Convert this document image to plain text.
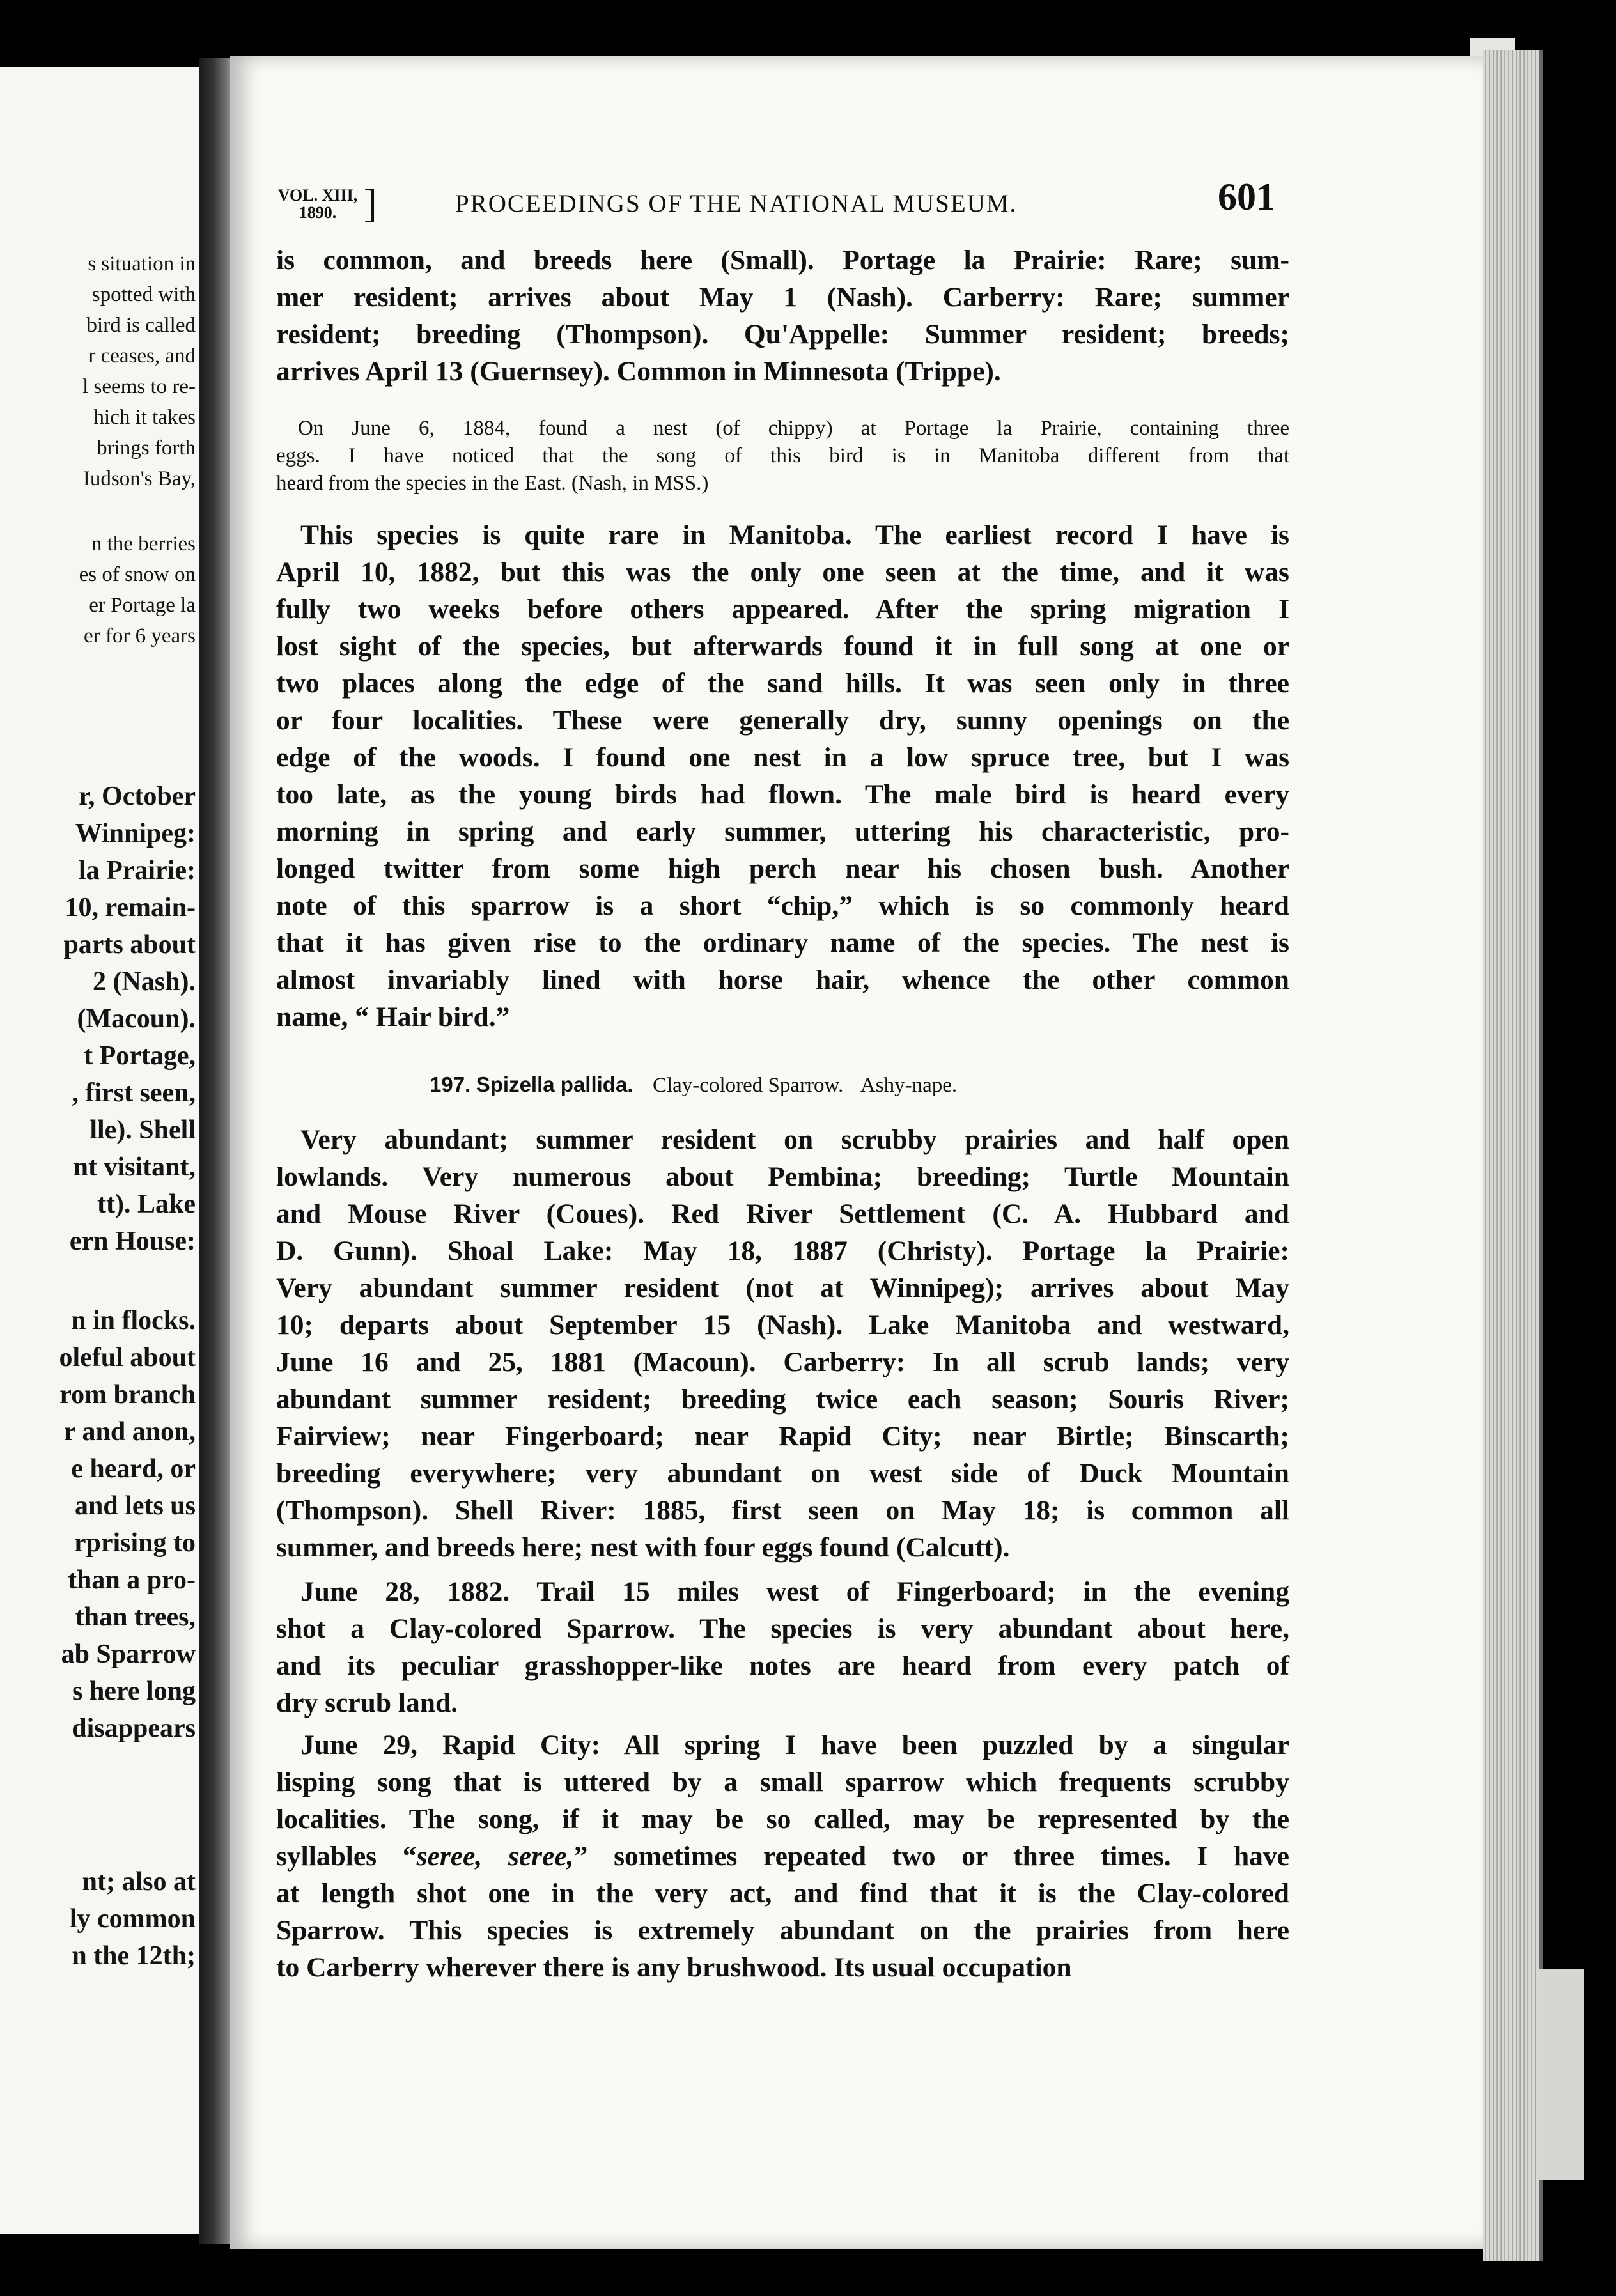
s situation in
spotted with
bird is called
r ceases, and
l seems to re-
hich it takes
brings forth
Iudson's Bay,
n the berries
es of snow on
er Portage la
er for 6 years
r, October
Winnipeg:
la Prairie:
10, remain-
parts about
2 (Nash).
(Macoun).
t Portage,
, first seen,
lle). Shell
nt visitant,
tt). Lake
ern House:
n in flocks.
oleful about
rom branch
r and anon,
e heard, or
and lets us
rprising to
than a pro-
than trees,
ab Sparrow
s here long
disappears
nt; also at
ly common
n the 12th;
VOL. XIII,
1890. ]	PROCEEDINGS OF THE NATIONAL MUSEUM.	601
is common, and breeds here (Small). Portage la Prairie: Rare; sum-
mer resident; arrives about May 1 (Nash). Carberry: Rare; summer
resident; breeding (Thompson). Qu'Appelle: Summer resident; breeds;
arrives April 13 (Guernsey). Common in Minnesota (Trippe).
On June 6, 1884, found a nest (of chippy) at Portage la Prairie, containing three
eggs. I have noticed that the song of this bird is in Manitoba different from that
heard from the species in the East. (Nash, in MSS.)
This species is quite rare in Manitoba. The earliest record I have is
April 10, 1882, but this was the only one seen at the time, and it was
fully two weeks before others appeared. After the spring migration I
lost sight of the species, but afterwards found it in full song at one or
two places along the edge of the sand hills. It was seen only in three
or four localities. These were generally dry, sunny openings on the
edge of the woods. I found one nest in a low spruce tree, but I was
too late, as the young birds had flown. The male bird is heard every
morning in spring and early summer, uttering his characteristic, pro-
longed twitter from some high perch near his chosen bush. Another
note of this sparrow is a short “chip,” which is so commonly heard
that it has given rise to the ordinary name of the species. The nest is
almost invariably lined with horse hair, whence the other common
name, “ Hair bird.”
197. Spizella pallida. Clay-colored Sparrow. Ashy-nape.
Very abundant; summer resident on scrubby prairies and half open
lowlands. Very numerous about Pembina; breeding; Turtle Mountain
and Mouse River (Coues). Red River Settlement (C. A. Hubbard and
D. Gunn). Shoal Lake: May 18, 1887 (Christy). Portage la Prairie:
Very abundant summer resident (not at Winnipeg); arrives about May
10; departs about September 15 (Nash). Lake Manitoba and westward,
June 16 and 25, 1881 (Macoun). Carberry: In all scrub lands; very
abundant summer resident; breeding twice each season; Souris River;
Fairview; near Fingerboard; near Rapid City; near Birtle; Binscarth;
breeding everywhere; very abundant on west side of Duck Mountain
(Thompson). Shell River: 1885, first seen on May 18; is common all
summer, and breeds here; nest with four eggs found (Calcutt).
June 28, 1882. Trail 15 miles west of Fingerboard; in the evening
shot a Clay-colored Sparrow. The species is very abundant about here,
and its peculiar grasshopper-like notes are heard from every patch of
dry scrub land.
June 29, Rapid City: All spring I have been puzzled by a singular
lisping song that is uttered by a small sparrow which frequents scrubby
localities. The song, if it may be so called, may be represented by the
syllables “seree, seree,” sometimes repeated two or three times. I have
at length shot one in the very act, and find that it is the Clay-colored
Sparrow. This species is extremely abundant on the prairies from here
to Carberry wherever there is any brushwood. Its usual occupation
